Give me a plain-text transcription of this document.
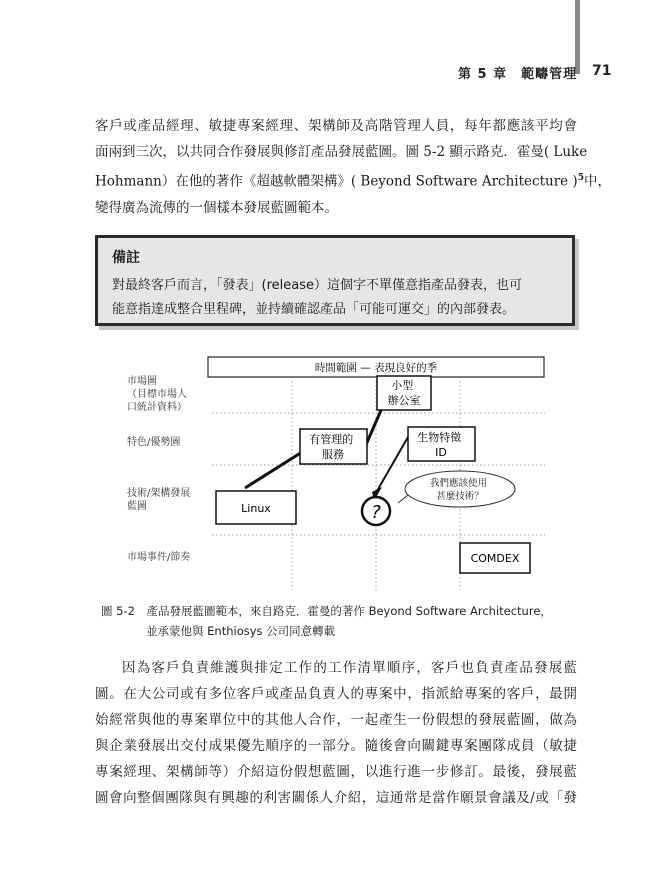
第 5 章　範疇管理 71

客戶或產品經理、敏捷專案經理、架構師及高階管理人員，每年都應該平均會
面兩到三次，以共同合作發展與修訂產品發展藍圖。圖 5-2 顯示路克．霍曼( Luke
Hohmann）在他的著作《超越軟體架構》( Beyond Software Architecture )$^5$中，
變得廣為流傳的一個樣本發展藍圖範本。

備註
對最終客戶而言，「發表」(release）這個字不單僅意指產品發表，也可
能意指達成整合里程碑，並持續確認產品「可能可運交」的內部發表。
時間範圍 — 表現良好的季
市場圖 （目標市場人 口統計資料）
特色/優勢圖
技術/架構發展 藍圖
市場事件/節奏
小型 辦公室
有管理的 服務
生物特徵 ID
Linux
COMDEX
?
我們應該使用 甚麼技術？
圖 5-2　產品發展藍圖範本，來自路克．霍曼的著作 Beyond Software Architecture，
並承蒙他與 Enthiosys 公司同意轉載

因為客戶負責維護與排定工作的工作清單順序，客戶也負責產品發展藍
圖。在大公司或有多位客戶或產品負責人的專案中，指派給專案的客戶，最開
始經常與他的專案單位中的其他人合作，一起產生一份假想的發展藍圖，做為
與企業發展出交付成果優先順序的一部分。隨後會向關鍵專案團隊成員（敏捷
專案經理、架構師等）介紹這份假想藍圖，以進行進一步修訂。最後，發展藍
圖會向整個團隊與有興趣的利害關係人介紹，這通常是當作願景會議及/或「發
